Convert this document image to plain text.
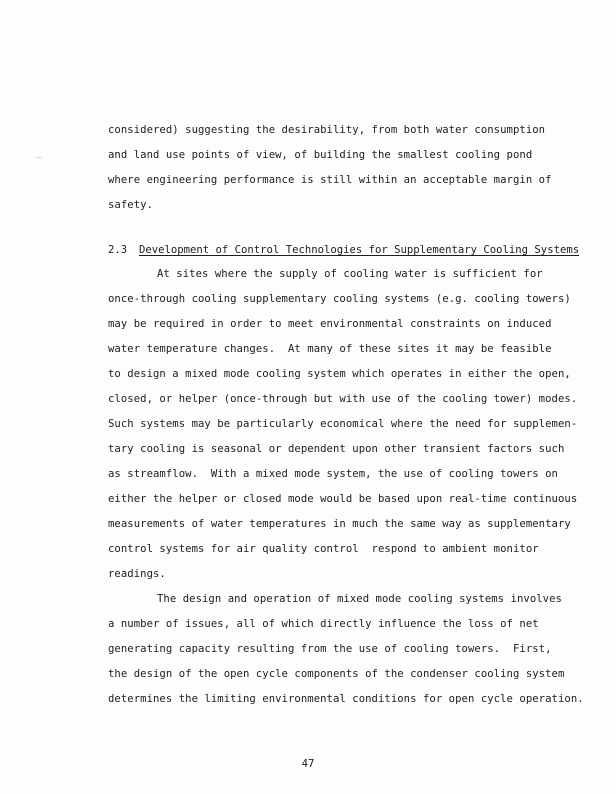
considered) suggesting the desirability, from both water consumption
and land use points of view, of building the smallest cooling pond
where engineering performance is still within an acceptable margin of
safety.
2.3 Development of Control Technologies for Supplementary Cooling Systems
At sites where the supply of cooling water is sufficient for
once-through cooling supplementary cooling systems (e.g. cooling towers)
may be required in order to meet environmental constraints on induced
water temperature changes.  At many of these sites it may be feasible
to design a mixed mode cooling system which operates in either the open,
closed, or helper (once-through but with use of the cooling tower) modes.
Such systems may be particularly economical where the need for supplemen-
tary cooling is seasonal or dependent upon other transient factors such
as streamflow.  With a mixed mode system, the use of cooling towers on
either the helper or closed mode would be based upon real-time continuous
measurements of water temperatures in much the same way as supplementary
control systems for air quality control  respond to ambient monitor
readings.
The design and operation of mixed mode cooling systems involves
a number of issues, all of which directly influence the loss of net
generating capacity resulting from the use of cooling towers.  First,
the design of the open cycle components of the condenser cooling system
determines the limiting environmental conditions for open cycle operation.
47
